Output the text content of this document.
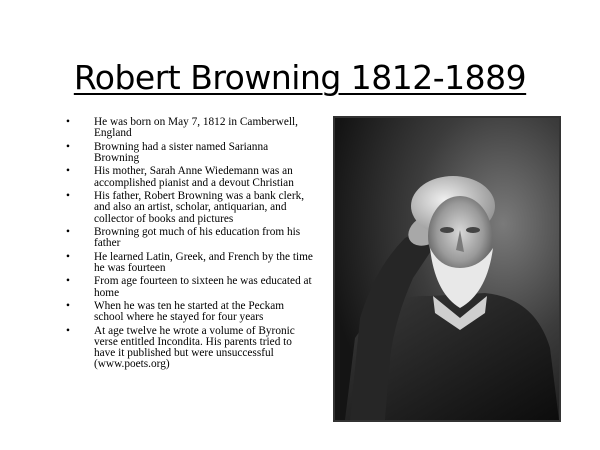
Robert Browning 1812-1889
• He was born on May 7, 1812 in Camberwell, England
• Browning had a sister named Sarianna Browning
• His mother, Sarah Anne Wiedemann was an accomplished pianist and a devout Christian
• His father, Robert Browning was a bank clerk, and also an artist, scholar, antiquarian, and collector of books and pictures
• Browning got much of his education from his father
• He learned Latin, Greek, and French by the time he was fourteen
• From age fourteen to sixteen he was educated at home
• When he was ten he started at the Peckam school where he stayed for four years
• At age twelve he wrote a volume of Byronic verse entitled Incondita. His parents tried to have it published but were unsuccessful (www.poets.org)
